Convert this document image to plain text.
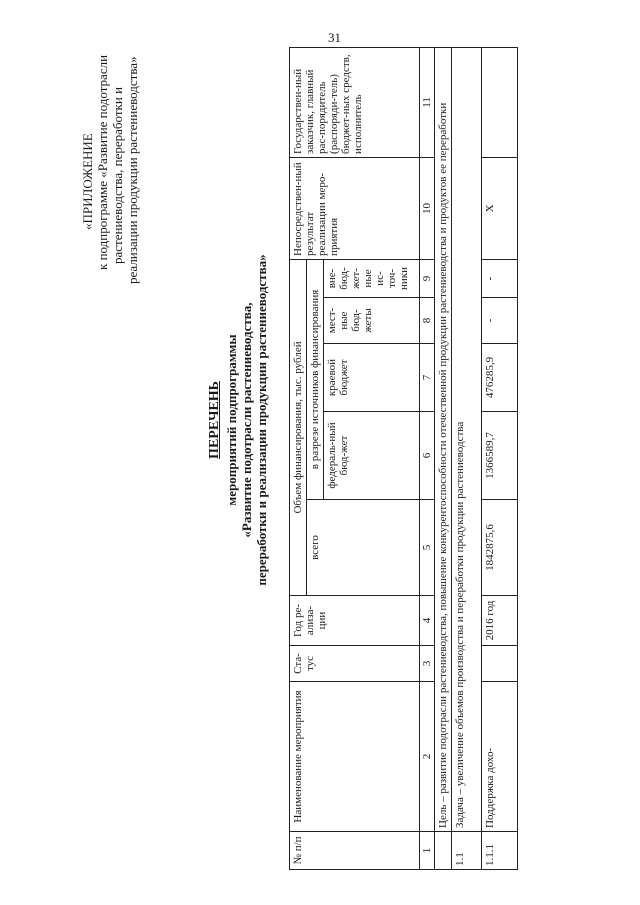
31
«ПРИЛОЖЕНИЕ к подпрограмме «Развитие подотрасли растениеводства, переработки и реализации продукции растениеводства»
ПЕРЕЧЕНЬ мероприятий подпрограммы «Развитие подотрасли растениеводства, переработки и реализации продукции растениеводства»
№ п/п	Наименование мероприятия	Ста-тус	Год ре-ализа-ции	Объем финансирования, тыс. рублей					Непосредствен-ный результат реализации меро-приятия	Государствен-ный заказчик, главный рас-порядитель (распоряди-тель) бюджет-ных средств, исполнитель
				всего	в разрезе источников финансирования					
					федераль-ный бюд-жет	краевой бюджет	мест-ные бюд-жеты	вне-бюд-жет-ные ис-точ-ники		
1	2	3	4	5	6	7	8	9	10	11
	Цель – развитие подотрасли растениеводства, повышение конкурентоспособности отечественной продукции растениеводства и продуктов ее переработки									
1.1	Задача – увеличение объемов производства и переработки продукции растениеводства									
1.1.1	Поддержка дохо-		2016 год	1842875,6	1366589,7	476285,9	-	-	Х	
